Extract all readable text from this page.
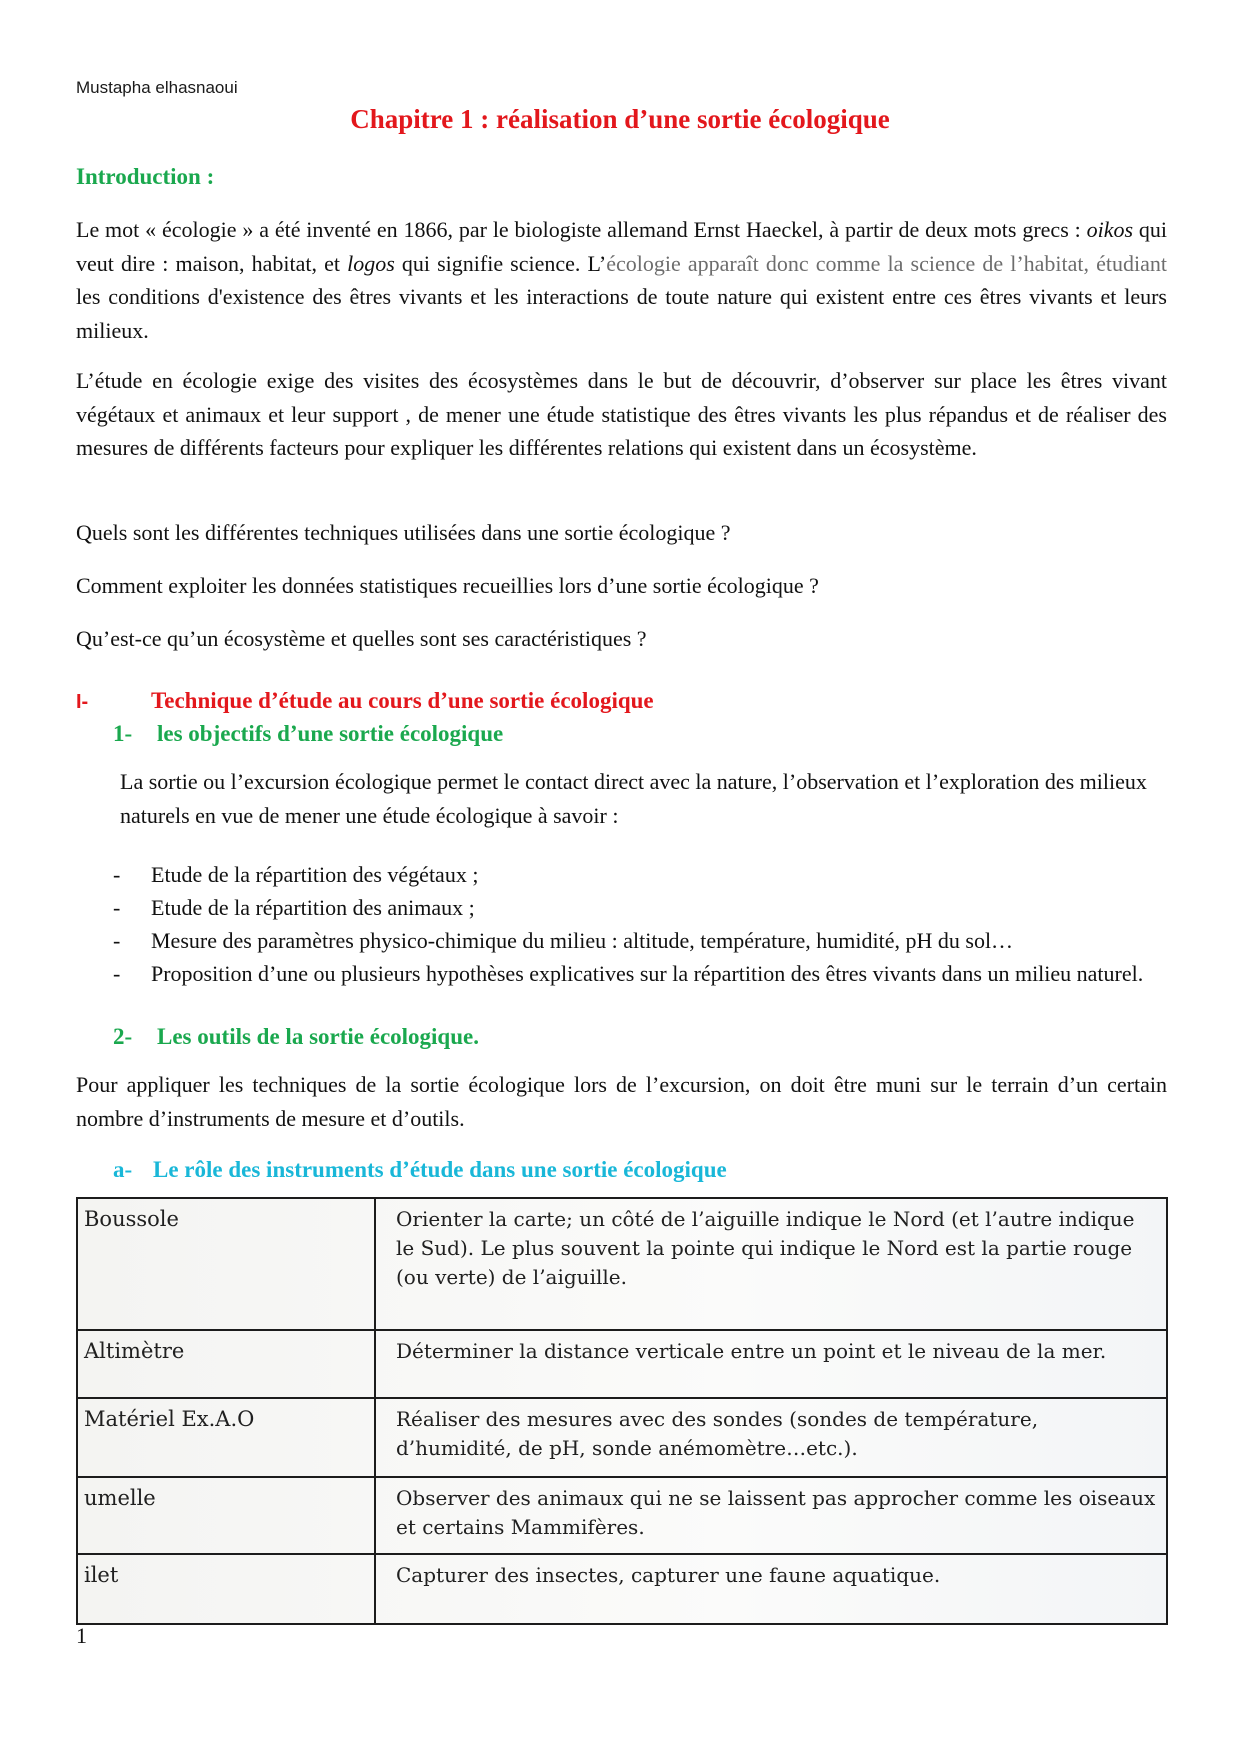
Mustapha elhasnaoui
Chapitre 1 : réalisation d’une sortie écologique
Introduction :

Le mot « écologie » a été inventé en 1866, par le biologiste allemand Ernst Haeckel, à partir de deux mots grecs : oikos qui veut dire : maison, habitat, et logos qui signifie science. L’écologie apparaît donc comme la science de l’habitat, étudiant les conditions d'existence des êtres vivants et les interactions de toute nature qui existent entre ces êtres vivants et leurs milieux.

L’étude en écologie exige des visites des écosystèmes dans le but de découvrir, d’observer sur place les êtres vivant végétaux et animaux et leur support , de mener une étude statistique des êtres vivants les plus répandus et de réaliser des mesures de différents facteurs pour expliquer les différentes relations qui existent dans un écosystème.

Quels sont les différentes techniques utilisées dans une sortie écologique ?

Comment exploiter les données statistiques recueillies lors d’une sortie écologique ?

Qu’est-ce qu’un écosystème et quelles sont ses caractéristiques ?

I-	Technique d’étude au cours d’une sortie écologique
1- les objectifs d’une sortie écologique

La sortie ou l’excursion écologique permet le contact direct avec la nature, l’observation et l’exploration des milieux naturels en vue de mener une étude écologique à savoir :

- Etude de la répartition des végétaux ;
- Etude de la répartition des animaux ;
- Mesure des paramètres physico-chimique du milieu : altitude, température, humidité, pH du sol…
- Proposition d’une ou plusieurs hypothèses explicatives sur la répartition des êtres vivants dans un milieu naturel.
2- Les outils de la sortie écologique.

Pour appliquer les techniques de la sortie écologique lors de l’excursion, on doit être muni sur le terrain d’un certain nombre d’instruments de mesure et d’outils.

a- Le rôle des instruments d’étude dans une sortie écologique
Boussole	Orienter la carte; un côté de l’aiguille indique le Nord (et l’autre indique le Sud). Le plus souvent la pointe qui indique le Nord est la partie rouge (ou verte) de l’aiguille.
Altimètre	Déterminer la distance verticale entre un point et le niveau de la mer.
Matériel Ex.A.O	Réaliser des mesures avec des sondes (sondes de température, d’humidité, de pH, sonde anémomètre…etc.).
umelle	Observer des animaux qui ne se laissent pas approcher comme les oiseaux et certains Mammifères.
ilet	Capturer des insectes, capturer une faune aquatique.
1
